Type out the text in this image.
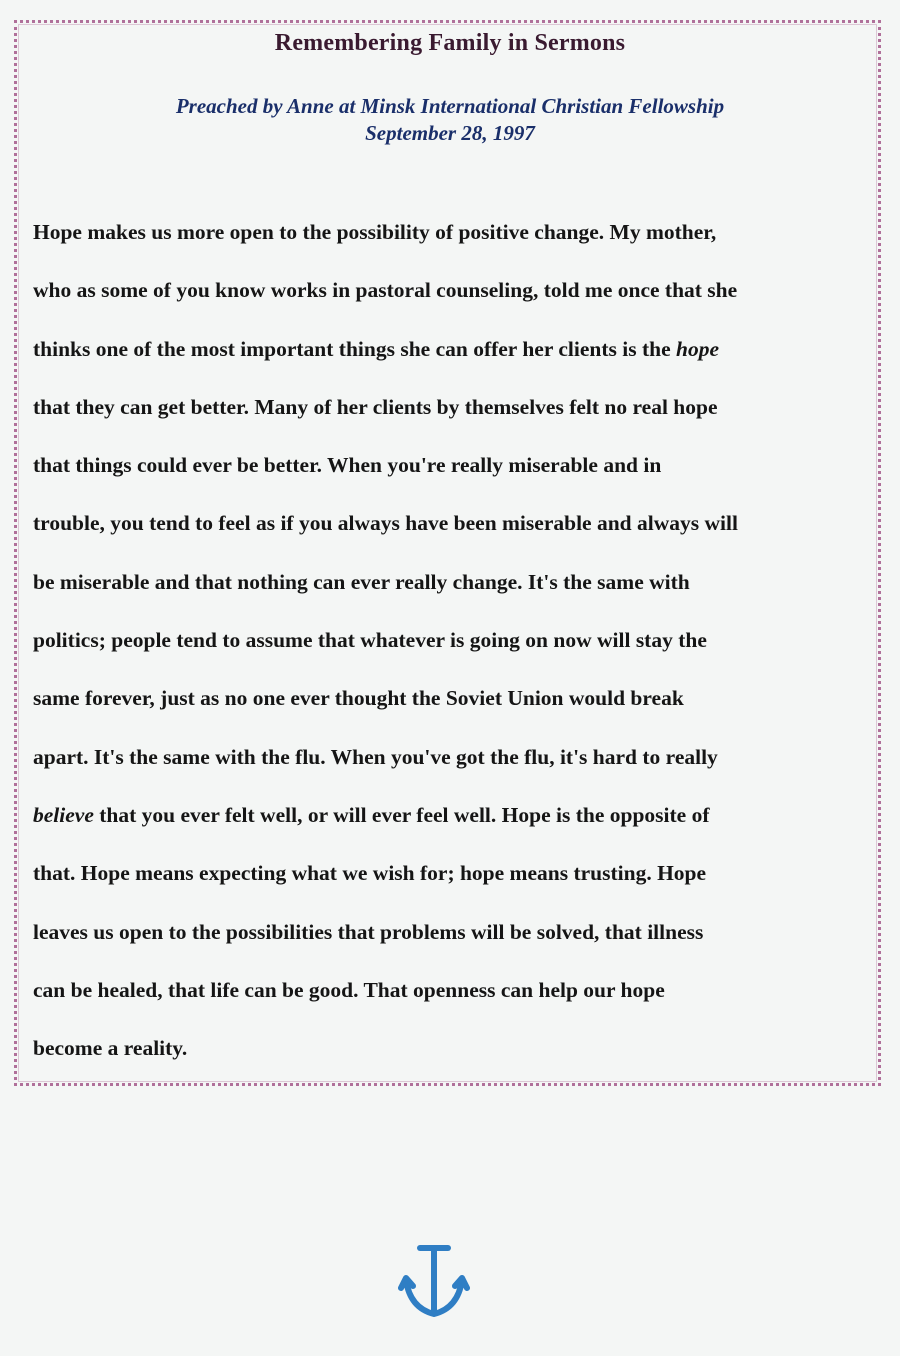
Remembering Family in Sermons
Preached by Anne at Minsk International Christian Fellowship
September 28, 1997
Hope makes us more open to the possibility of positive change. My mother,
who as some of you know works in pastoral counseling, told me once that she
thinks one of the most important things she can offer her clients is the hope
that they can get better. Many of her clients by themselves felt no real hope
that things could ever be better. When you're really miserable and in
trouble, you tend to feel as if you always have been miserable and always will
be miserable and that nothing can ever really change. It's the same with
politics; people tend to assume that whatever is going on now will stay the
same forever, just as no one ever thought the Soviet Union would break
apart. It's the same with the flu. When you've got the flu, it's hard to really
believe that you ever felt well, or will ever feel well. Hope is the opposite of
that. Hope means expecting what we wish for; hope means trusting. Hope
leaves us open to the possibilities that problems will be solved, that illness
can be healed, that life can be good. That openness can help our hope
become a reality.
